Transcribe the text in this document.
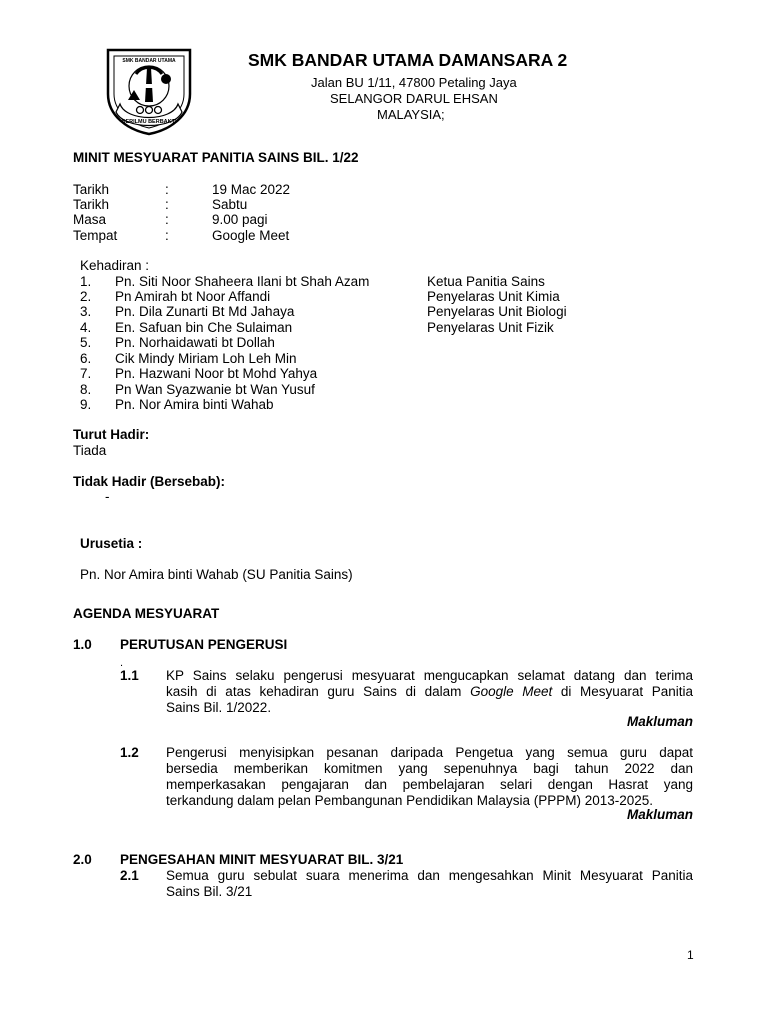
BERILMU BERBAKTI
SMK BANDAR UTAMA	SMK BANDAR UTAMA DAMANSARA 2
Jalan BU 1/11, 47800 Petaling Jaya
SELANGOR DARUL EHSAN
MALAYSIA;
MINIT MESYUARAT PANITIA SAINS BIL. 1/22
Tarikh	:	19 Mac 2022
Tarikh	:	Sabtu
Masa	:	9.00 pagi
Tempat	:	Google Meet
Kehadiran :
1. Pn. Siti Noor Shaheera Ilani bt Shah Azam	Ketua Panitia Sains
2. Pn Amirah bt Noor Affandi	Penyelaras Unit Kimia
3. Pn. Dila Zunarti Bt Md Jahaya	Penyelaras Unit Biologi
4. En. Safuan bin Che Sulaiman	Penyelaras Unit Fizik
5. Pn. Norhaidawati bt Dollah
6. Cik Mindy Miriam Loh Leh Min
7. Pn. Hazwani Noor bt Mohd Yahya
8. Pn Wan Syazwanie bt Wan Yusuf
9. Pn. Nor Amira binti Wahab
Turut Hadir:
Tiada
Tidak Hadir (Bersebab):
-
Urusetia :
Pn. Nor Amira binti Wahab (SU Panitia Sains)
AGENDA MESYUARAT
1.0 PERUTUSAN PENGERUSI
.
1.1 KP Sains selaku pengerusi mesyuarat mengucapkan selamat datang dan terima
kasih di atas kehadiran guru Sains di dalam Google Meet di Mesyuarat Panitia
Sains Bil. 1/2022.
Makluman
1.2 Pengerusi menyisipkan pesanan daripada Pengetua yang semua guru dapat
bersedia memberikan komitmen yang sepenuhnya bagi tahun 2022 dan
memperkasakan pengajaran dan pembelajaran selari dengan Hasrat yang
terkandung dalam pelan Pembangunan Pendidikan Malaysia (PPPM) 2013-2025.
Makluman
2.0 PENGESAHAN MINIT MESYUARAT BIL. 3/21
2.1 Semua guru sebulat suara menerima dan mengesahkan Minit Mesyuarat Panitia
Sains Bil. 3/21
1
